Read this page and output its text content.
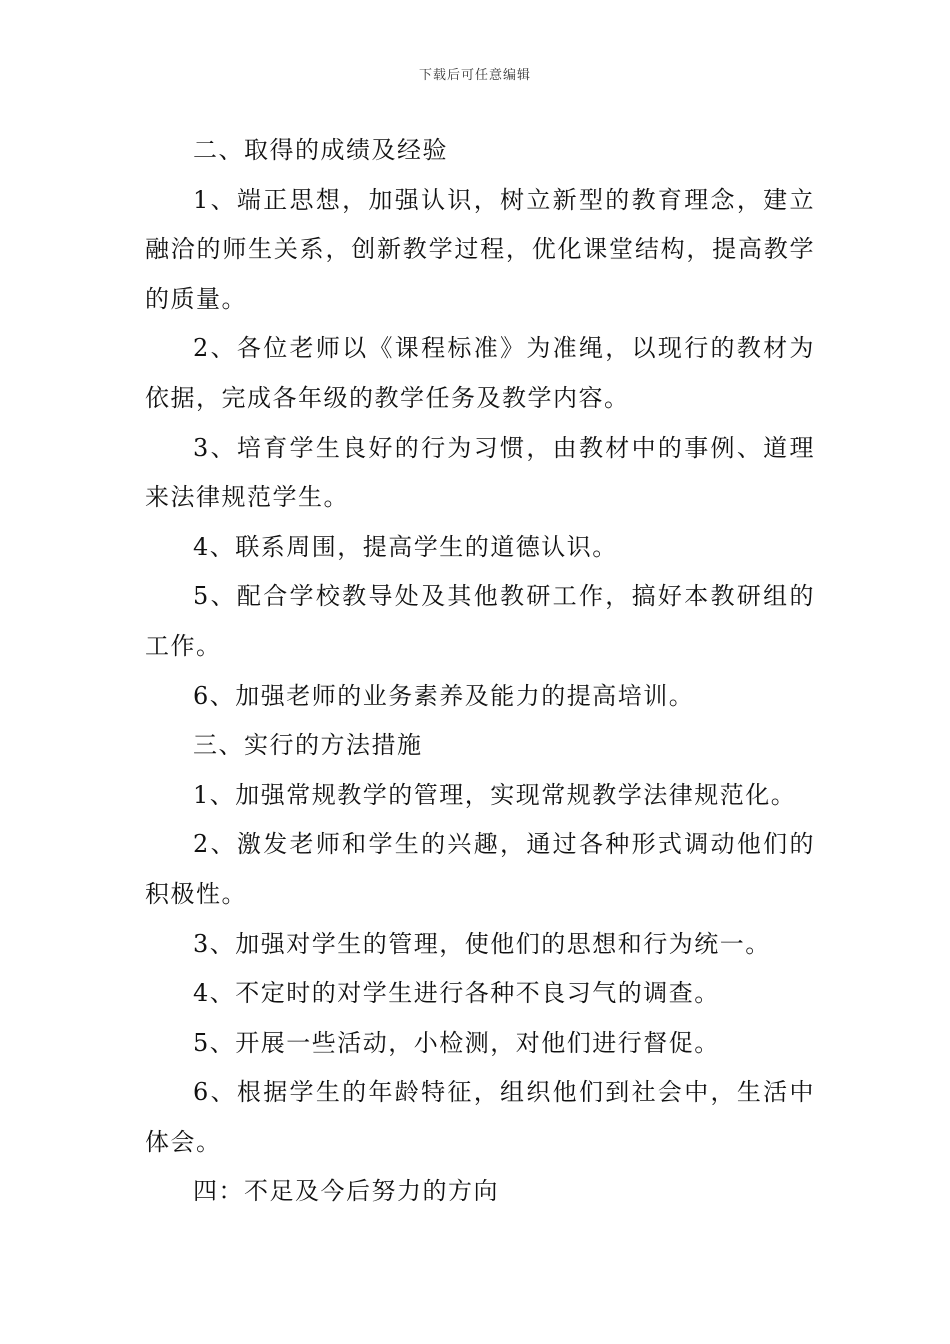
下载后可任意编辑

二、取得的成绩及经验

1、端正思想，加强认识，树立新型的教育理念，建立融洽的师生关系，创新教学过程，优化课堂结构，提高教学的质量。

2、各位老师以《课程标准》为准绳，以现行的教材为依据，完成各年级的教学任务及教学内容。

3、培育学生良好的行为习惯，由教材中的事例、道理来法律规范学生。

4、联系周围，提高学生的道德认识。

5、配合学校教导处及其他教研工作，搞好本教研组的工作。

6、加强老师的业务素养及能力的提高培训。

三、实行的方法措施

1、加强常规教学的管理，实现常规教学法律规范化。

2、激发老师和学生的兴趣，通过各种形式调动他们的积极性。

3、加强对学生的管理，使他们的思想和行为统一。

4、不定时的对学生进行各种不良习气的调查。

5、开展一些活动，小检测，对他们进行督促。

6、根据学生的年龄特征，组织他们到社会中，生活中体会。

四：不足及今后努力的方向
